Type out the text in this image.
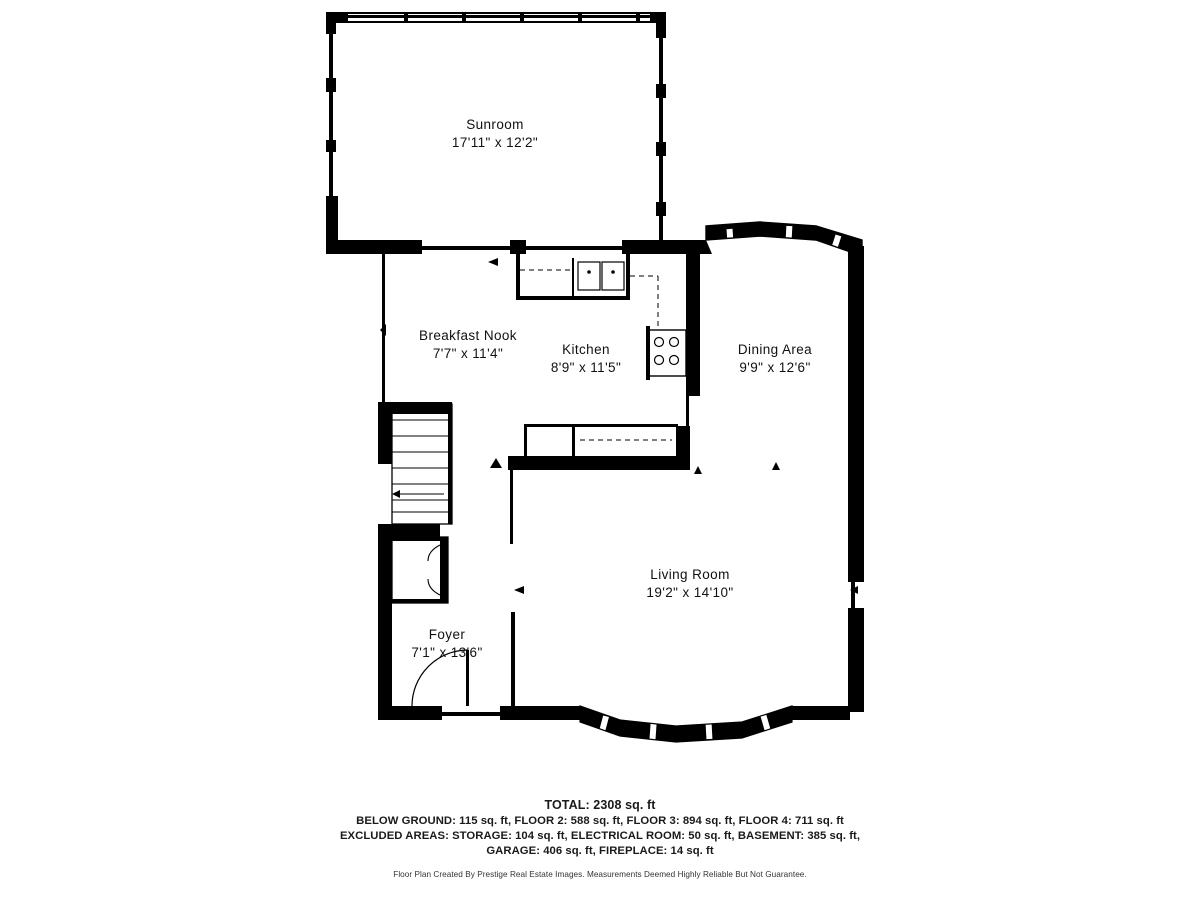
Sunroom
17'11" x 12'2"
Breakfast Nook
7'7" x 11'4"	Kitchen
8'9" x 11'5"
Dining Area
9'9" x 12'6"
Living Room
19'2" x 14'10"
Foyer
7'1" x 13'6"
TOTAL: 2308 sq. ft
BELOW GROUND: 115 sq. ft, FLOOR 2: 588 sq. ft, FLOOR 3: 894 sq. ft, FLOOR 4: 711 sq. ft
EXCLUDED AREAS: STORAGE: 104 sq. ft, ELECTRICAL ROOM: 50 sq. ft, BASEMENT: 385 sq. ft,
GARAGE: 406 sq. ft, FIREPLACE: 14 sq. ft
Floor Plan Created By Prestige Real Estate Images. Measurements Deemed Highly Reliable But Not Guarantee.
